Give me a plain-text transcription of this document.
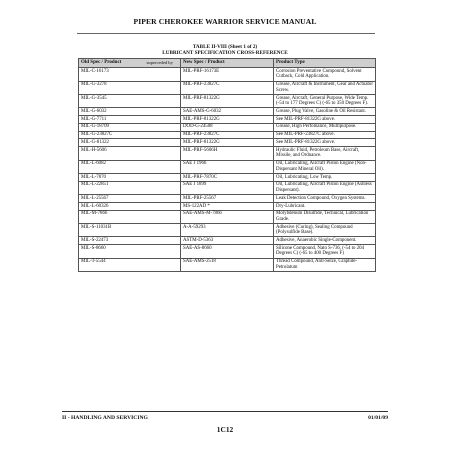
PIPER CHEROKEE WARRIOR SERVICE MANUAL
TABLE II-VIII (Sheet 1 of 2)
LUBRICANT SPECIFICATION CROSS-REFERENCE
Old Spec / Product	superceded by	New Spec / Product	Product Type
MIL-C-16173		MIL-PRF-16173E	Corrosion Preventative Compound, Solvent Cutback, Cold Application.
MIL-G-3278		MIL-PRF-23827C	Grease, Aircraft & Instrument, Gear and Actuator Screw.
MIL-G-3545		MIL-PRF-81322G	Grease, Aircraft, General Purpose, Wide Temp. (-54 to 177 Degrees C) (-65 to 350 Degrees F).
MIL-G-6032		SAE-AMS-G-6032	Grease, Plug Valve, Gasoline & Oil Resistant.
MIL-G-7711		MIL-PRF-81322G	See MIL-PRF-81322G above.
MIL-G-18709		DOD-G-24508	Grease, High Perfomance, Multipurpose.
MIL-G-23827C		MIL-PRF-23827C	See MIL-PRF-23827C above.
MIL-G-81322		MIL-PRF-81322G	See MIL-PRF-81322G above.
MIL-H-5606		MIL-PRF-5606H	Hydraulic Fluid, Petroleum Base, Aircraft, Missile, and Ordnance.
MIL-L-6082		SAE J 1966	Oil, Lubricating, Aircraft Piston Engine (Non-Dispersant Mineral Oil).
MIL-L-7870		MIL-PRF-7870C	Oil, Lubricating, Low Temp.
MIL-L-22851		SAE J 1899	Oil, Lubricating, Aircraft Piston Engine (Ashless Dispersant).
MIL-L-25567		MIL-PRF-25567	Leak Detection Compound, Oxygen Systems.
MIL-L-60326		MS-122AD *	Dry-Lubricant.
MIL-M-7866		SAE-AMS-M-7866	Molybdenum Disulfide, Technical, Lubrication Grade.
MIL-S-11031B		A-A-59293	Adhesive (Curing), Sealing Compound (Polysulfide Base).
MIL-S-22473		ASTM-D-5363	Adhesive, Anaerobic Single-Component.
MIL-S-8660		SAE-AS-8660	Silicone Compound, Nato S-736, (-54 to 204 Degrees C) (-65 to 400 Degrees F)
MIL-T-5544		SAE-AMS-2518	Thread Compound, Anti-Seize, Graphite-Petrolatum
II - HANDLING AND SERVICING	01/01/09
1C12
